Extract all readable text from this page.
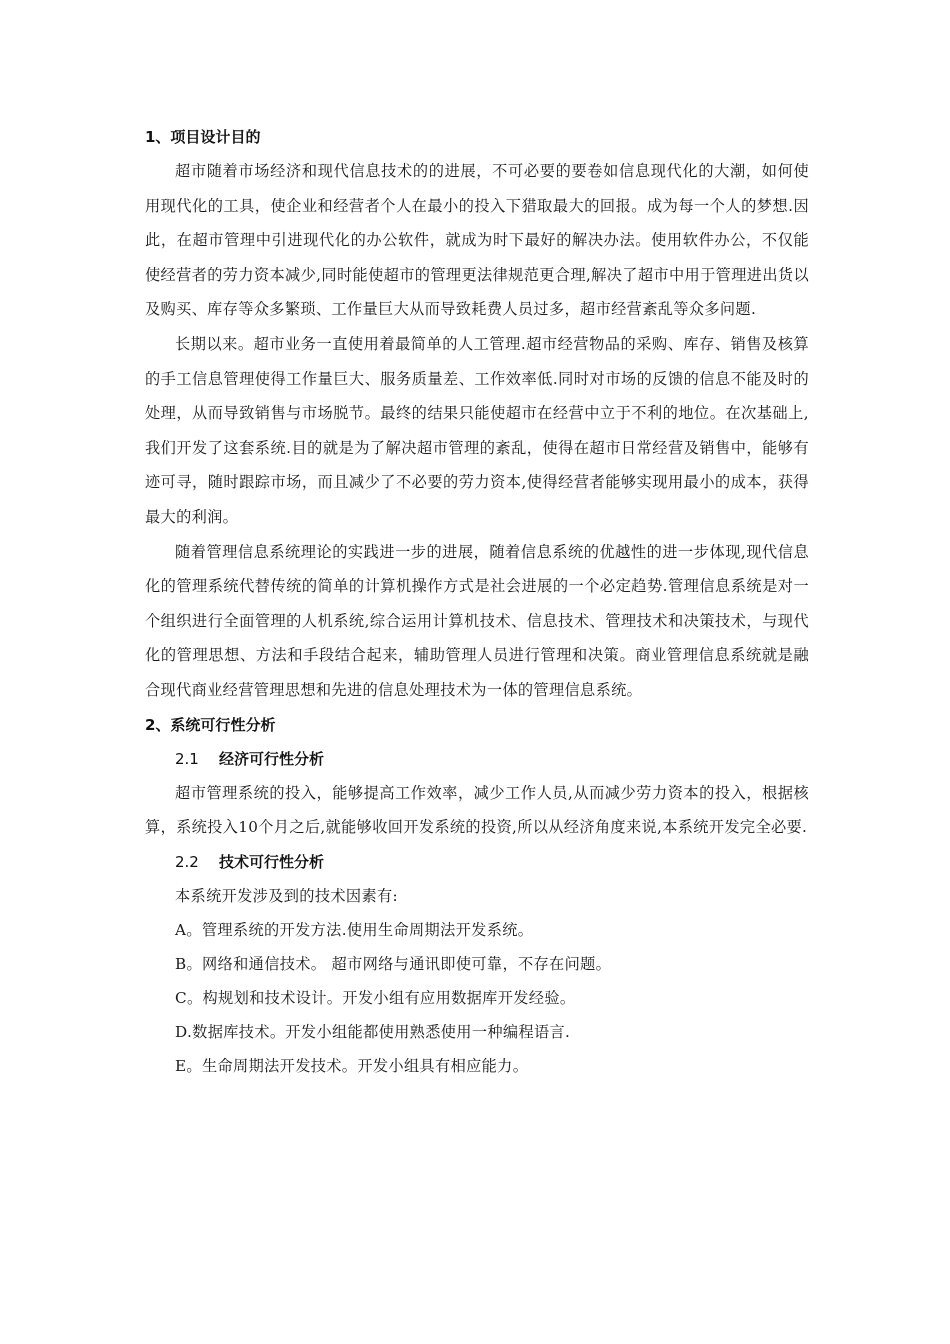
1、项目设计目的

超市随着市场经济和现代信息技术的的进展，不可必要的要卷如信息现代化的大潮，如何使用现代化的工具，使企业和经营者个人在最小的投入下猎取最大的回报。成为每一个人的梦想.因此，在超市管理中引进现代化的办公软件，就成为时下最好的解决办法。使用软件办公，不仅能使经营者的劳力资本减少,同时能使超市的管理更法律规范更合理,解决了超市中用于管理进出货以及购买、库存等众多繁琐、工作量巨大从而导致耗费人员过多，超市经营紊乱等众多问题.

长期以来。超市业务一直使用着最简单的人工管理.超市经营物品的采购、库存、销售及核算的手工信息管理使得工作量巨大、服务质量差、工作效率低.同时对市场的反馈的信息不能及时的处理，从而导致销售与市场脱节。最终的结果只能使超市在经营中立于不利的地位。在次基础上,我们开发了这套系统.目的就是为了解决超市管理的紊乱，使得在超市日常经营及销售中，能够有迹可寻，随时跟踪市场，而且减少了不必要的劳力资本,使得经营者能够实现用最小的成本，获得最大的利润。

随着管理信息系统理论的实践进一步的进展，随着信息系统的优越性的进一步体现,现代信息化的管理系统代替传统的简单的计算机操作方式是社会进展的一个必定趋势.管理信息系统是对一个组织进行全面管理的人机系统,综合运用计算机技术、信息技术、管理技术和决策技术，与现代化的管理思想、方法和手段结合起来，辅助管理人员进行管理和决策。商业管理信息系统就是融合现代商业经营管理思想和先进的信息处理技术为一体的管理信息系统。

2、系统可行性分析

2.1 经济可行性分析

超市管理系统的投入，能够提高工作效率，减少工作人员,从而减少劳力资本的投入，根据核算，系统投入10个月之后,就能够收回开发系统的投资,所以从经济角度来说,本系统开发完全必要.

2.2 技术可行性分析

本系统开发涉及到的技术因素有:

A。管理系统的开发方法.使用生命周期法开发系统。

B。网络和通信技术。 超市网络与通讯即使可靠，不存在问题。

C。构规划和技术设计。开发小组有应用数据库开发经验。

D.数据库技术。开发小组能都使用熟悉使用一种编程语言.

E。生命周期法开发技术。开发小组具有相应能力。
